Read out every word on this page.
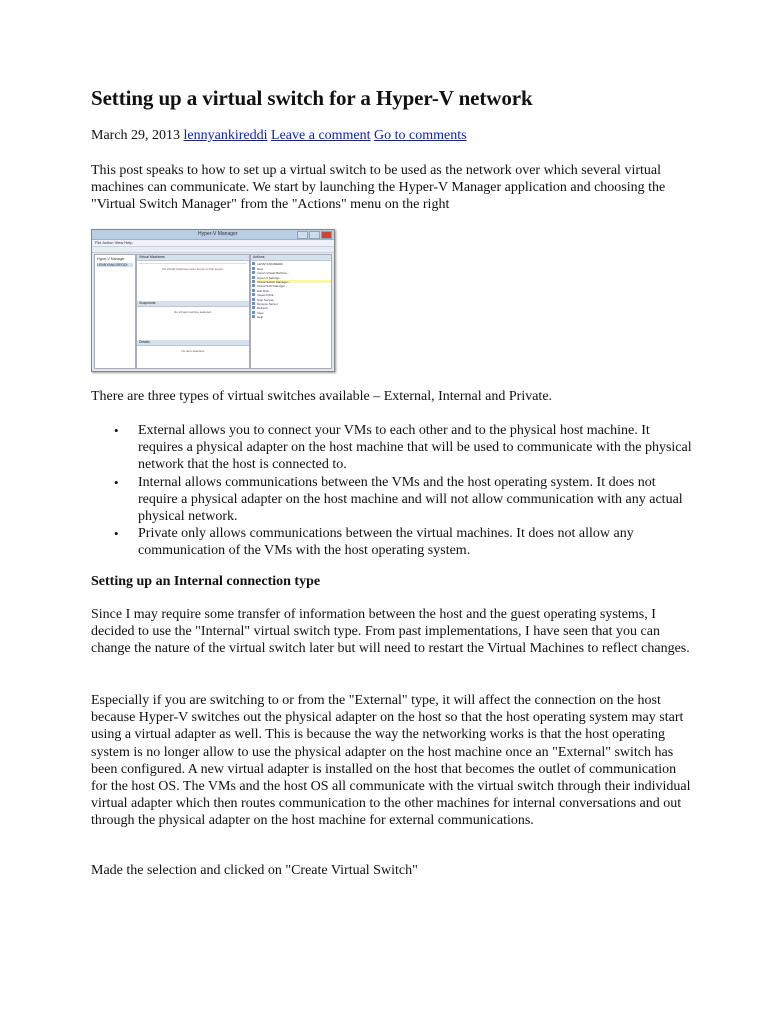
Setting up a virtual switch for a Hyper-V network
March 29, 2013 lennyankireddi Leave a comment Go to comments

This post speaks to how to set up a virtual switch to be used as the network over which several virtual machines can communicate. We start by launching the Hyper-V Manager application and choosing the "Virtual Switch Manager" from the "Actions" menu on the right

Hyper-V Manager
File Action View Help
Hyper-V Manager
LENNYANKIREDDI
Virtual Machines
No virtual machines were found on this server.
Snapshots
No virtual machine selected.
Details
No item selected.
Actions
LENNYANKIREDDI
New
Import Virtual Machine...
Hyper-V Settings...
Virtual Switch Manager...
Virtual SAN Manager...
Edit Disk...
Inspect Disk...
Stop Service
Remove Server
Refresh
View
Help

There are three types of virtual switches available – External, Internal and Private.

• External allows you to connect your VMs to each other and to the physical host machine. It requires a physical adapter on the host machine that will be used to communicate with the physical network that the host is connected to.
• Internal allows communications between the VMs and the host operating system. It does not require a physical adapter on the host machine and will not allow communication with any actual physical network.
• Private only allows communications between the virtual machines. It does not allow any communication of the VMs with the host operating system.
Setting up an Internal connection type

Since I may require some transfer of information between the host and the guest operating systems, I decided to use the "Internal" virtual switch type. From past implementations, I have seen that you can change the nature of the virtual switch later but will need to restart the Virtual Machines to reflect changes.

Especially if you are switching to or from the "External" type, it will affect the connection on the host because Hyper-V switches out the physical adapter on the host so that the host operating system may start using a virtual adapter as well. This is because the way the networking works is that the host operating system is no longer allow to use the physical adapter on the host machine once an "External" switch has been configured. A new virtual adapter is installed on the host that becomes the outlet of communication for the host OS. The VMs and the host OS all communicate with the virtual switch through their individual virtual adapter which then routes communication to the other machines for internal conversations and out through the physical adapter on the host machine for external communications.

Made the selection and clicked on "Create Virtual Switch"
